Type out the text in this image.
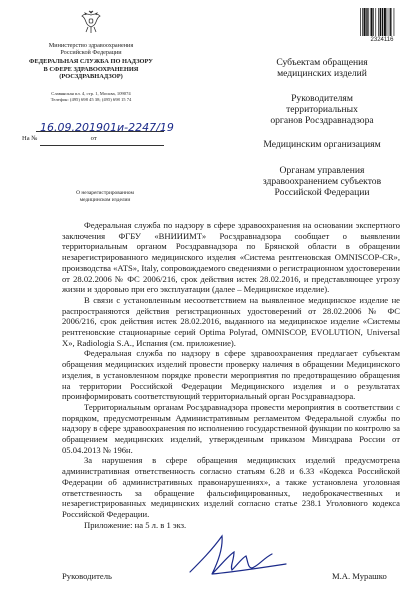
Министерство здравоохранения
Российской Федерации
ФЕДЕРАЛЬНАЯ СЛУЖБА ПО НАДЗОРУ
В СФЕРЕ ЗДРАВООХРАНЕНИЯ
(РОСЗДРАВНАДЗОР)
Славянская пл. 4, стр. 1, Москва, 109074
Телефон: (495) 698 45 38; (495) 698 15 74
16.09.2019 01и-2247/19
На №	от
О незарегистрированном
медицинском изделии
2324116
Субъектам обращения
медицинских изделий
Руководителям
территориальных
органов Росздравнадзора
Медицинским организациям
Органам управления
здравоохранением субъектов
Российской Федерации

Федеральная служба по надзору в сфере здравоохранения на основании экспертного заключения ФГБУ «ВНИИИМТ» Росздравнадзора сообщает о выявлении территориальным органом Росздравнадзора по Брянской области в обращении незарегистрированного медицинского изделия «Система рентгеновская OMNISCOP-CR», производства «ATS», Italy, сопровождаемого сведениями о регистрационном удостоверении от 28.02.2006 № ФС 2006/216, срок действия истек 28.02.2016, и представляющее угрозу жизни и здоровью при его эксплуатации (далее – Медицинское изделие).

В связи с установленным несоответствием на выявленное медицинское изделие не распространяются действия регистрационных удостоверений от 28.02.2006 № ФС 2006/216, срок действия истек 28.02.2016, выданного на медицинское изделие «Системы рентгеновские стационарные серий Optima Polyrad, OMNISCOP, EVOLUTION, Universal X», Radiologia S.A., Испания (см. приложение).

Федеральная служба по надзору в сфере здравоохранения предлагает субъектам обращения медицинских изделий провести проверку наличия в обращении Медицинского изделия, в установленном порядке провести мероприятия по предотвращению обращения на территории Российской Федерации Медицинского изделия и о результатах проинформировать соответствующий территориальный орган Росздравнадзора.

Территориальным органам Росздравнадзора провести мероприятия в соответствии с порядком, предусмотренным Административным регламентом Федеральной службы по надзору в сфере здравоохранения по исполнению государственной функции по контролю за обращением медицинских изделий, утвержденным приказом Минздрава России от 05.04.2013 № 196н.

За нарушения в сфере обращения медицинских изделий предусмотрена административная ответственность согласно статьям 6.28 и 6.33 «Кодекса Российской Федерации об административных правонарушениях», а также установлена уголовная ответственность за обращение фальсифицированных, недоброкачественных и незарегистрированных медицинских изделий согласно статье 238.1 Уголовного кодекса Российской Федерации.

Приложение: на 5 л. в 1 экз.

Руководитель	М.А. Мурашко
